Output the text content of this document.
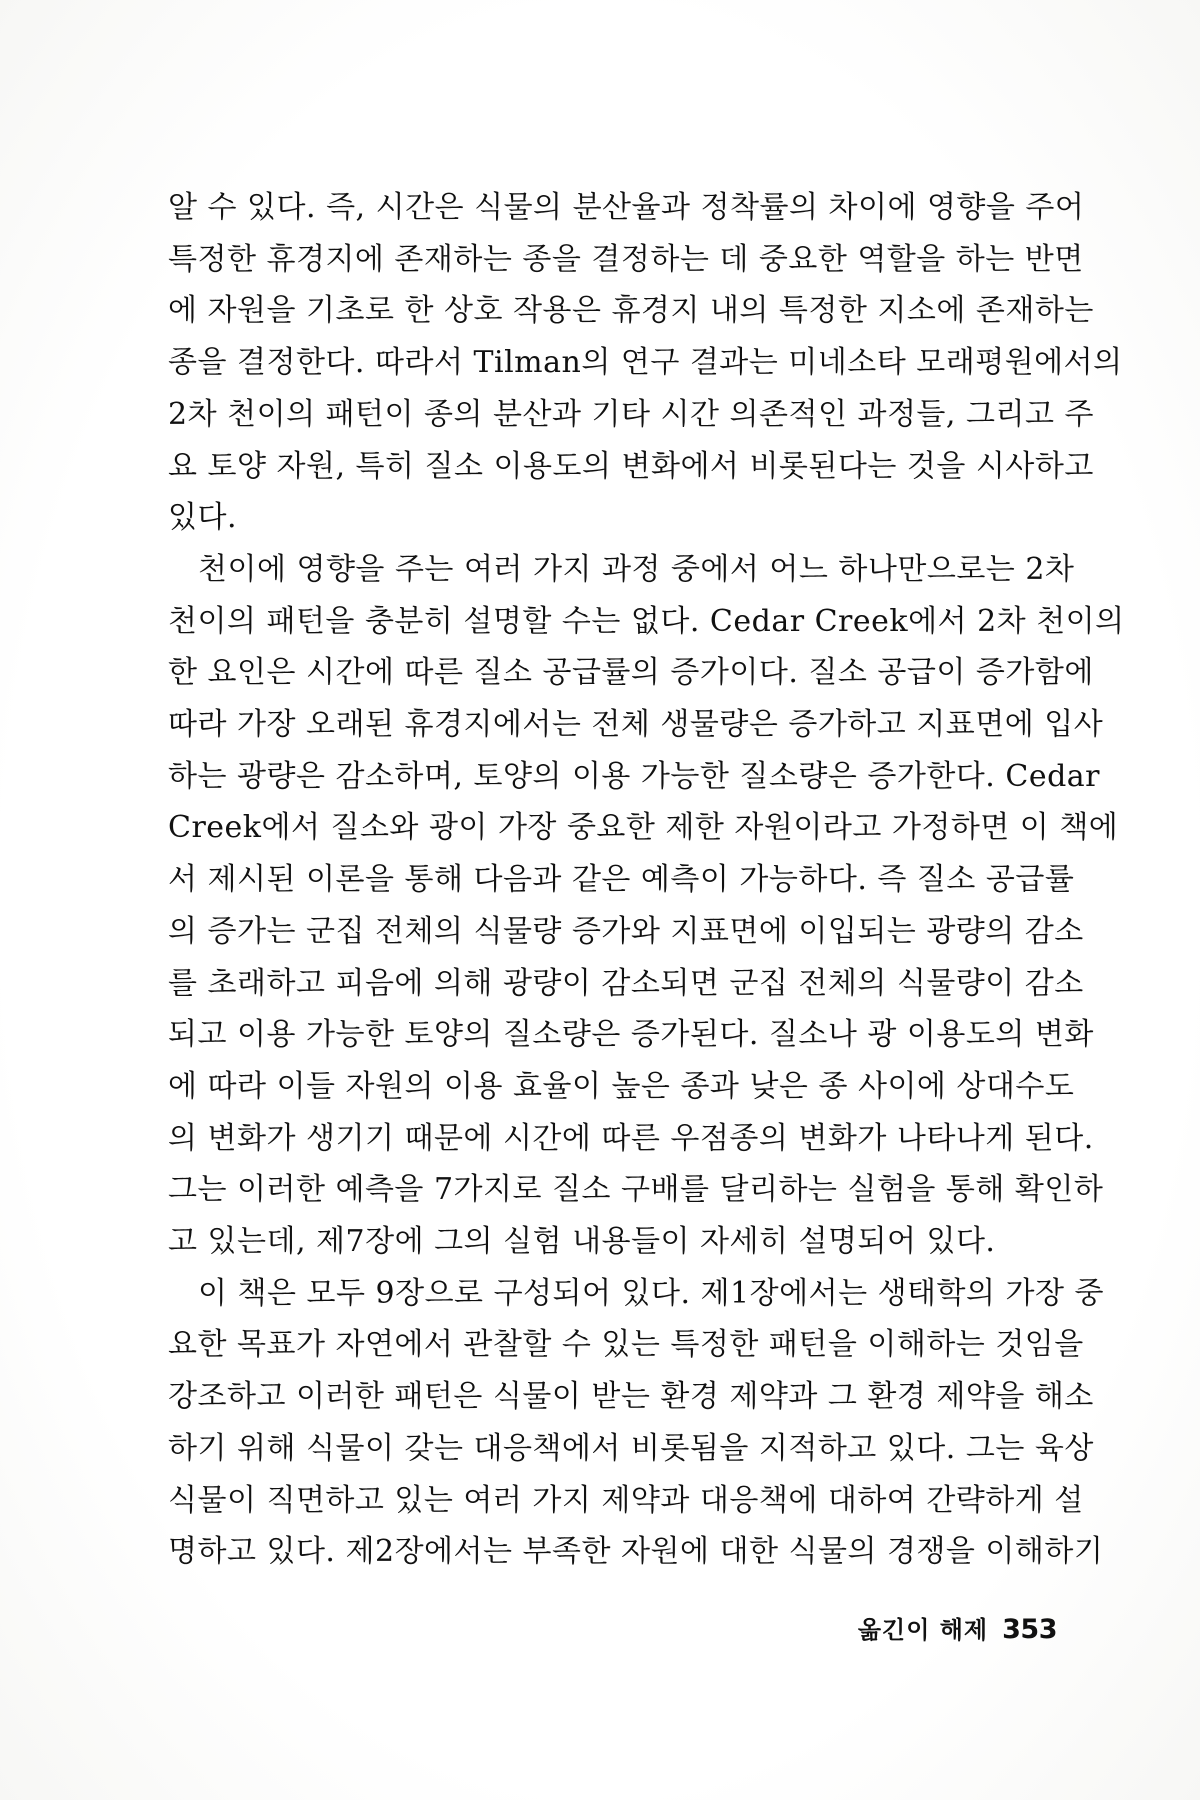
알 수 있다. 즉, 시간은 식물의 분산율과 정착률의 차이에 영향을 주어
특정한 휴경지에 존재하는 종을 결정하는 데 중요한 역할을 하는 반면
에 자원을 기초로 한 상호 작용은 휴경지 내의 특정한 지소에 존재하는
종을 결정한다. 따라서 Tilman의 연구 결과는 미네소타 모래평원에서의
2차 천이의 패턴이 종의 분산과 기타 시간 의존적인 과정들, 그리고 주
요 토양 자원, 특히 질소 이용도의 변화에서 비롯된다는 것을 시사하고
있다.

천이에 영향을 주는 여러 가지 과정 중에서 어느 하나만으로는 2차
천이의 패턴을 충분히 설명할 수는 없다. Cedar Creek에서 2차 천이의
한 요인은 시간에 따른 질소 공급률의 증가이다. 질소 공급이 증가함에
따라 가장 오래된 휴경지에서는 전체 생물량은 증가하고 지표면에 입사
하는 광량은 감소하며, 토양의 이용 가능한 질소량은 증가한다. Cedar
Creek에서 질소와 광이 가장 중요한 제한 자원이라고 가정하면 이 책에
서 제시된 이론을 통해 다음과 같은 예측이 가능하다. 즉 질소 공급률
의 증가는 군집 전체의 식물량 증가와 지표면에 이입되는 광량의 감소
를 초래하고 피음에 의해 광량이 감소되면 군집 전체의 식물량이 감소
되고 이용 가능한 토양의 질소량은 증가된다. 질소나 광 이용도의 변화
에 따라 이들 자원의 이용 효율이 높은 종과 낮은 종 사이에 상대수도
의 변화가 생기기 때문에 시간에 따른 우점종의 변화가 나타나게 된다.
그는 이러한 예측을 7가지로 질소 구배를 달리하는 실험을 통해 확인하
고 있는데, 제7장에 그의 실험 내용들이 자세히 설명되어 있다.

이 책은 모두 9장으로 구성되어 있다. 제1장에서는 생태학의 가장 중
요한 목표가 자연에서 관찰할 수 있는 특정한 패턴을 이해하는 것임을
강조하고 이러한 패턴은 식물이 받는 환경 제약과 그 환경 제약을 해소
하기 위해 식물이 갖는 대응책에서 비롯됨을 지적하고 있다. 그는 육상
식물이 직면하고 있는 여러 가지 제약과 대응책에 대하여 간략하게 설
명하고 있다. 제2장에서는 부족한 자원에 대한 식물의 경쟁을 이해하기

옮긴이 해제 353
